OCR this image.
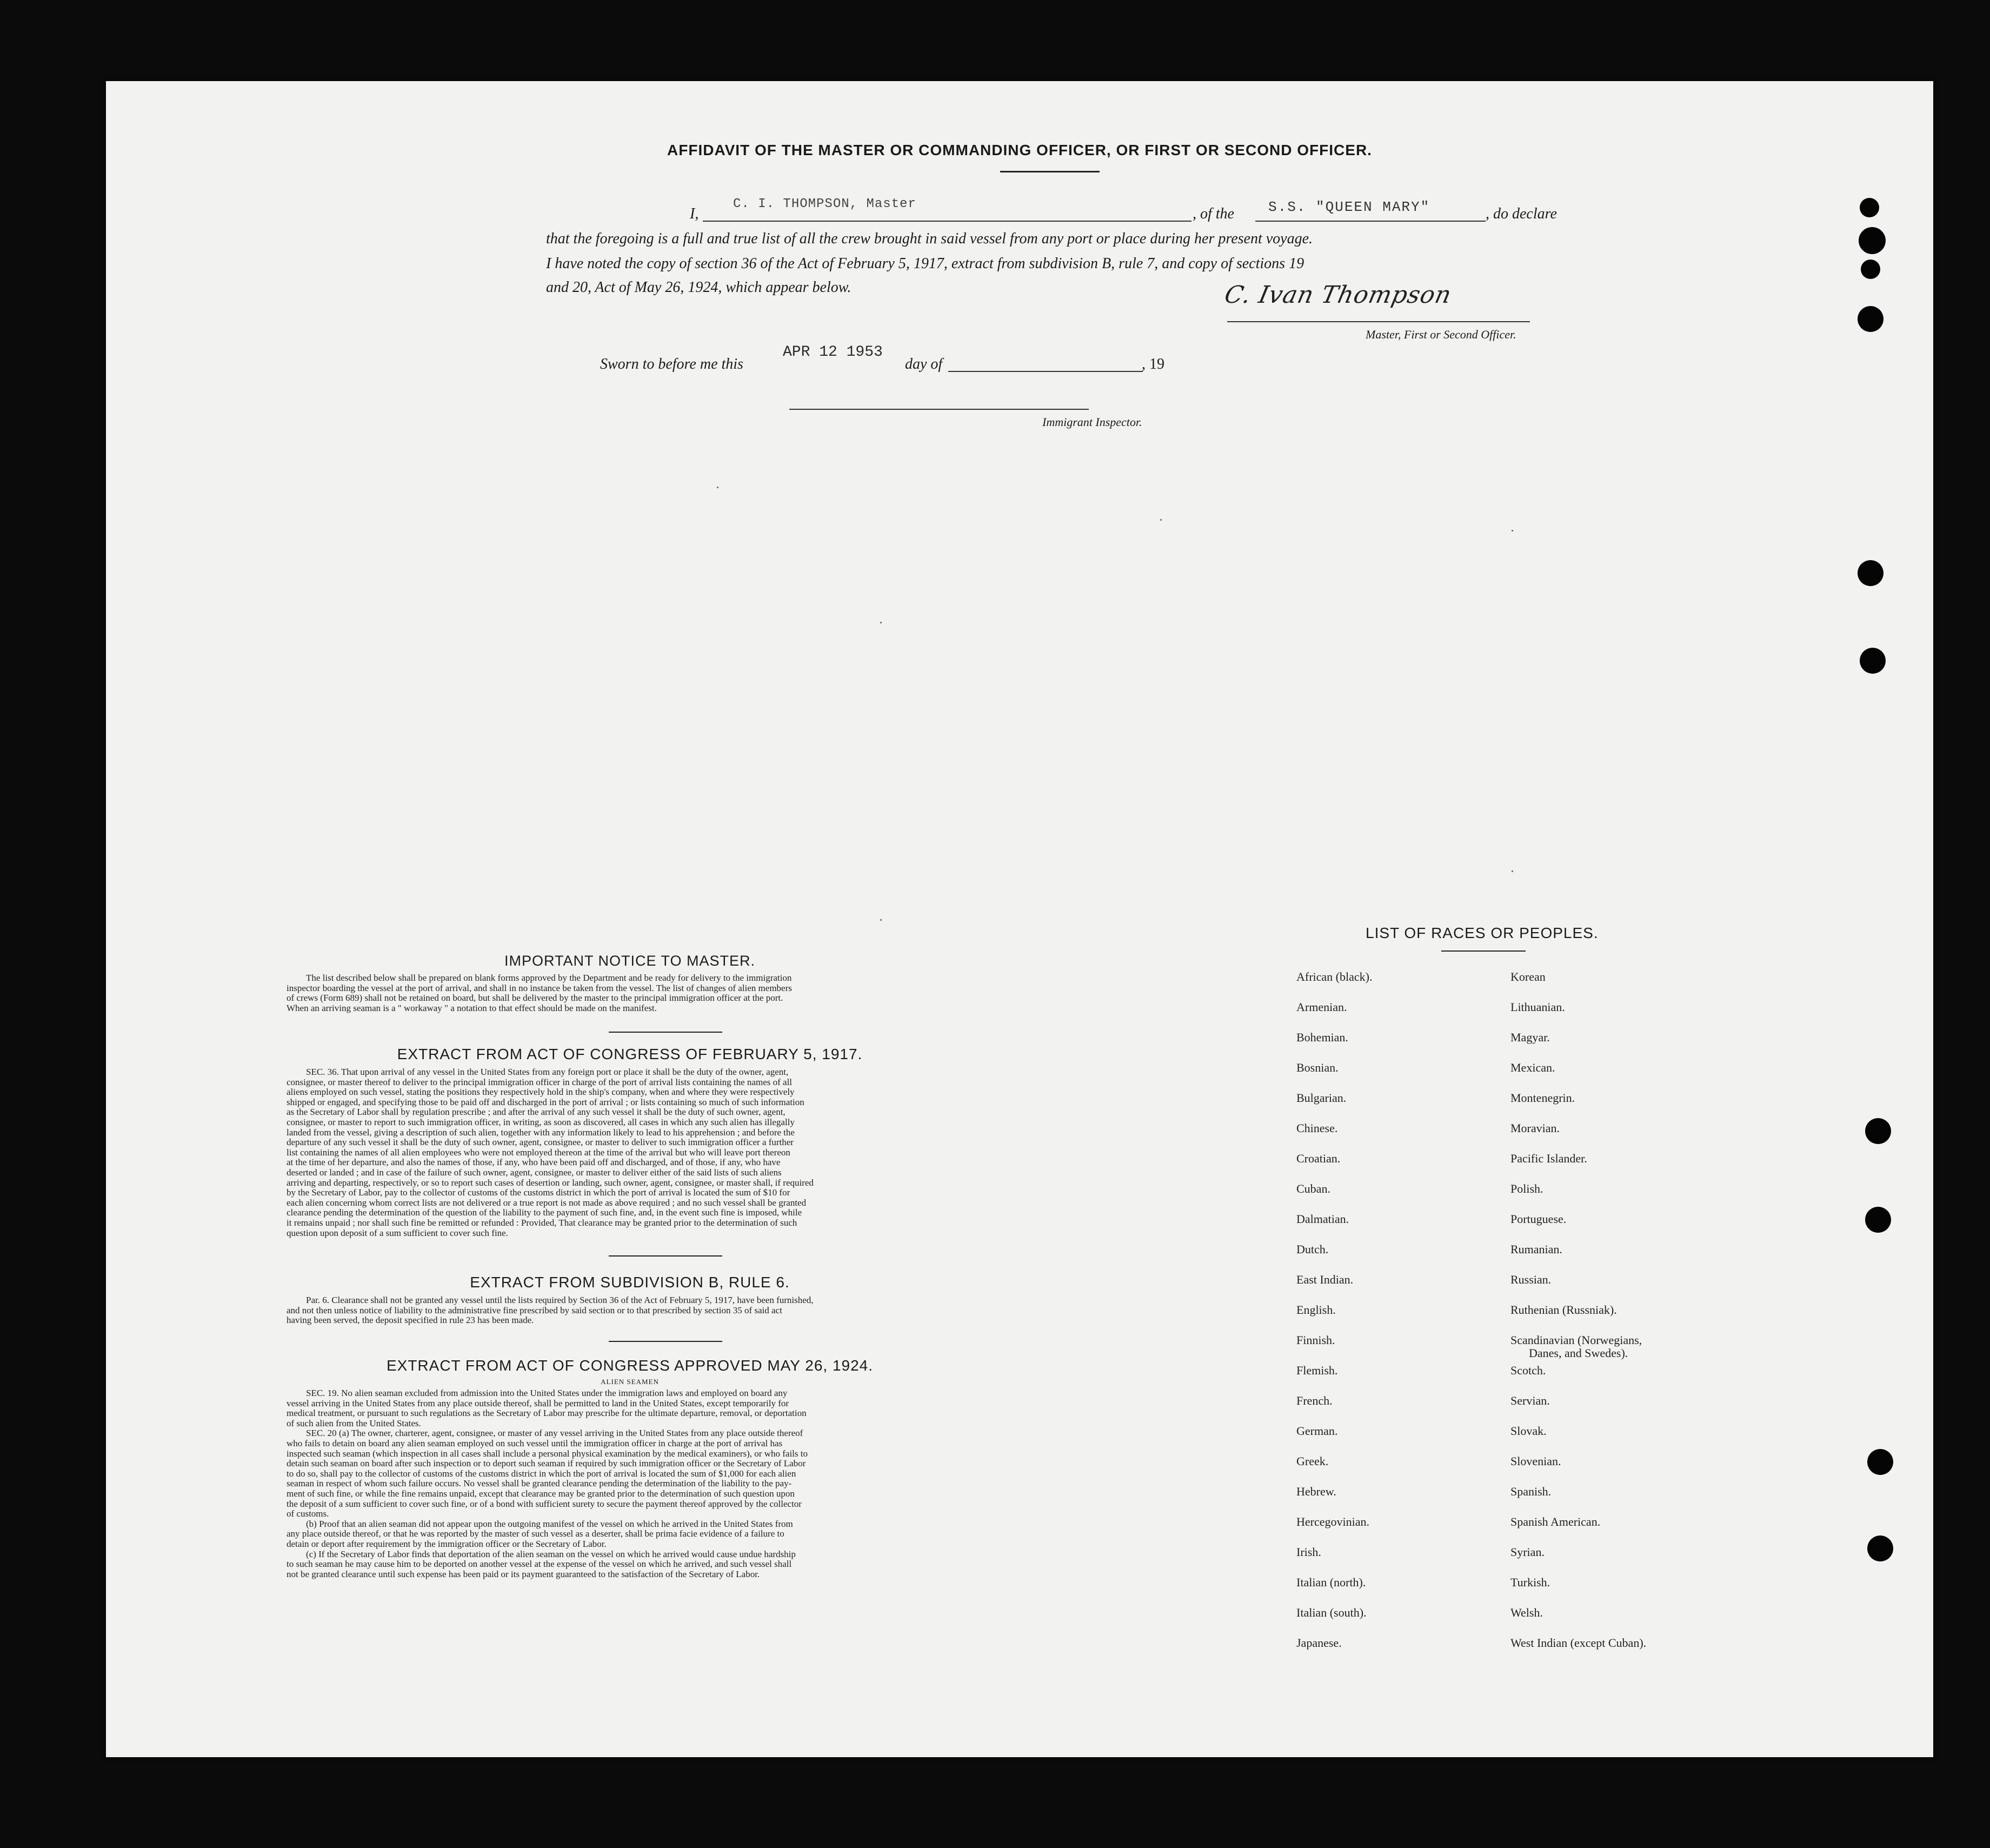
AFFIDAVIT OF THE MASTER OR COMMANDING OFFICER, OR FIRST OR SECOND OFFICER.
I,
C. I. THOMPSON, Master
, of the S.S. "QUEEN MARY"	, do declare
that the foregoing is a full and true list of all the crew brought in said vessel from any port or place during her present voyage.
I have noted the copy of section 36 of the Act of February 5, 1917, extract from subdivision B, rule 7, and copy of sections 19
and 20, Act of May 26, 1924, which appear below.	C. Ivan Thompson
Master, First or Second Officer.
Sworn to before me this
APR 12 1953
day of	, 19
Immigrant Inspector.
IMPORTANT NOTICE TO MASTER.
The list described below shall be prepared on blank forms approved by the Department and be ready for delivery to the immigration
inspector boarding the vessel at the port of arrival, and shall in no instance be taken from the vessel. The list of changes of alien members
of crews (Form 689) shall not be retained on board, but shall be delivered by the master to the principal immigration officer at the port.
When an arriving seaman is a " workaway " a notation to that effect should be made on the manifest.
EXTRACT FROM ACT OF CONGRESS OF FEBRUARY 5, 1917.
SEC. 36. That upon arrival of any vessel in the United States from any foreign port or place it shall be the duty of the owner, agent,
consignee, or master thereof to deliver to the principal immigration officer in charge of the port of arrival lists containing the names of all
aliens employed on such vessel, stating the positions they respectively hold in the ship's company, when and where they were respectively
shipped or engaged, and specifying those to be paid off and discharged in the port of arrival ; or lists containing so much of such information
as the Secretary of Labor shall by regulation prescribe ; and after the arrival of any such vessel it shall be the duty of such owner, agent,
consignee, or master to report to such immigration officer, in writing, as soon as discovered, all cases in which any such alien has illegally
landed from the vessel, giving a description of such alien, together with any information likely to lead to his apprehension ; and before the
departure of any such vessel it shall be the duty of such owner, agent, consignee, or master to deliver to such immigration officer a further
list containing the names of all alien employees who were not employed thereon at the time of the arrival but who will leave port thereon
at the time of her departure, and also the names of those, if any, who have been paid off and discharged, and of those, if any, who have
deserted or landed ; and in case of the failure of such owner, agent, consignee, or master to deliver either of the said lists of such aliens
arriving and departing, respectively, or so to report such cases of desertion or landing, such owner, agent, consignee, or master shall, if required
by the Secretary of Labor, pay to the collector of customs of the customs district in which the port of arrival is located the sum of $10 for
each alien concerning whom correct lists are not delivered or a true report is not made as above required ; and no such vessel shall be granted
clearance pending the determination of the question of the liability to the payment of such fine, and, in the event such fine is imposed, while
it remains unpaid ; nor shall such fine be remitted or refunded : Provided, That clearance may be granted prior to the determination of such
question upon deposit of a sum sufficient to cover such fine.
EXTRACT FROM SUBDIVISION B, RULE 6.
Par. 6. Clearance shall not be granted any vessel until the lists required by Section 36 of the Act of February 5, 1917, have been furnished,
and not then unless notice of liability to the administrative fine prescribed by said section or to that prescribed by section 35 of said act
having been served, the deposit specified in rule 23 has been made.
EXTRACT FROM ACT OF CONGRESS APPROVED MAY 26, 1924.
ALIEN SEAMEN
SEC. 19. No alien seaman excluded from admission into the United States under the immigration laws and employed on board any
vessel arriving in the United States from any place outside thereof, shall be permitted to land in the United States, except temporarily for
medical treatment, or pursuant to such regulations as the Secretary of Labor may prescribe for the ultimate departure, removal, or deportation
of such alien from the United States.
SEC. 20 (a) The owner, charterer, agent, consignee, or master of any vessel arriving in the United States from any place outside thereof
who fails to detain on board any alien seaman employed on such vessel until the immigration officer in charge at the port of arrival has
inspected such seaman (which inspection in all cases shall include a personal physical examination by the medical examiners), or who fails to
detain such seaman on board after such inspection or to deport such seaman if required by such immigration officer or the Secretary of Labor
to do so, shall pay to the collector of customs of the customs district in which the port of arrival is located the sum of $1,000 for each alien
seaman in respect of whom such failure occurs. No vessel shall be granted clearance pending the determination of the liability to the pay-
ment of such fine, or while the fine remains unpaid, except that clearance may be granted prior to the determination of such question upon
the deposit of a sum sufficient to cover such fine, or of a bond with sufficient surety to secure the payment thereof approved by the collector
of customs.
(b) Proof that an alien seaman did not appear upon the outgoing manifest of the vessel on which he arrived in the United States from
any place outside thereof, or that he was reported by the master of such vessel as a deserter, shall be prima facie evidence of a failure to
detain or deport after requirement by the immigration officer or the Secretary of Labor.
(c) If the Secretary of Labor finds that deportation of the alien seaman on the vessel on which he arrived would cause undue hardship
to such seaman he may cause him to be deported on another vessel at the expense of the vessel on which he arrived, and such vessel shall
not be granted clearance until such expense has been paid or its payment guaranteed to the satisfaction of the Secretary of Labor.
LIST OF RACES OR PEOPLES.
African (black).
Armenian.
Bohemian.
Bosnian.
Bulgarian.
Chinese.
Croatian.
Cuban.
Dalmatian.
Dutch.
East Indian.
English.
Finnish.
Flemish.
French.
German.
Greek.
Hebrew.
Hercegovinian.
Irish.
Italian (north).
Italian (south).
Japanese.
Korean
Lithuanian.
Magyar.
Mexican.
Montenegrin.
Moravian.
Pacific Islander.
Polish.
Portuguese.
Rumanian.
Russian.
Ruthenian (Russniak).
Scandinavian (Norwegians,
Danes, and Swedes).
Scotch.
Servian.
Slovak.
Slovenian.
Spanish.
Spanish American.
Syrian.
Turkish.
Welsh.
West Indian (except Cuban).
